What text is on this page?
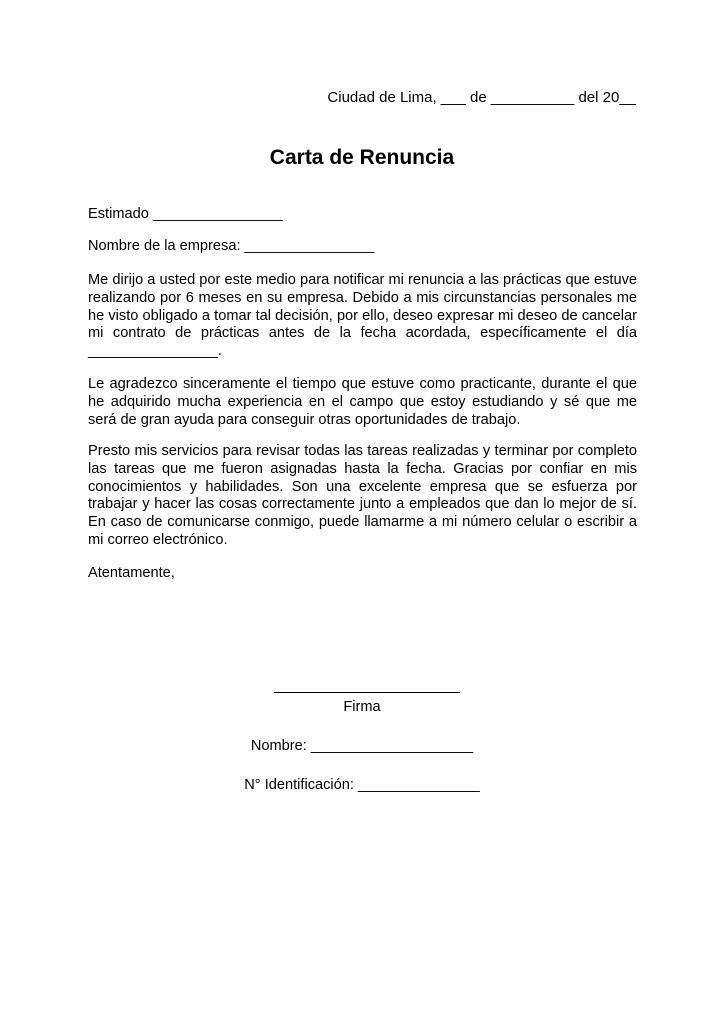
Ciudad de Lima, ___ de __________ del 20__
Carta de Renuncia

Estimado ________________

Nombre de la empresa: ________________

Me dirijo a usted por este medio para notificar mi renuncia a las prácticas que estuve realizando por 6 meses en su empresa. Debido a mis circunstancias personales me he visto obligado a tomar tal decisión, por ello, deseo expresar mi deseo de cancelar mi contrato de prácticas antes de la fecha acordada, específicamente el día ________________.

Le agradezco sinceramente el tiempo que estuve como practicante, durante el que he adquirido mucha experiencia en el campo que estoy estudiando y sé que me será de gran ayuda para conseguir otras oportunidades de trabajo.

Presto mis servicios para revisar todas las tareas realizadas y terminar por completo las tareas que me fueron asignadas hasta la fecha. Gracias por confiar en mis conocimientos y habilidades. Son una excelente empresa que se esfuerza por trabajar y hacer las cosas correctamente junto a empleados que dan lo mejor de sí. En caso de comunicarse conmigo, puede llamarme a mi número celular o escribir a mi correo electrónico.

Atentamente,

Firma
Nombre: ____________________
N° Identificación: _______________
